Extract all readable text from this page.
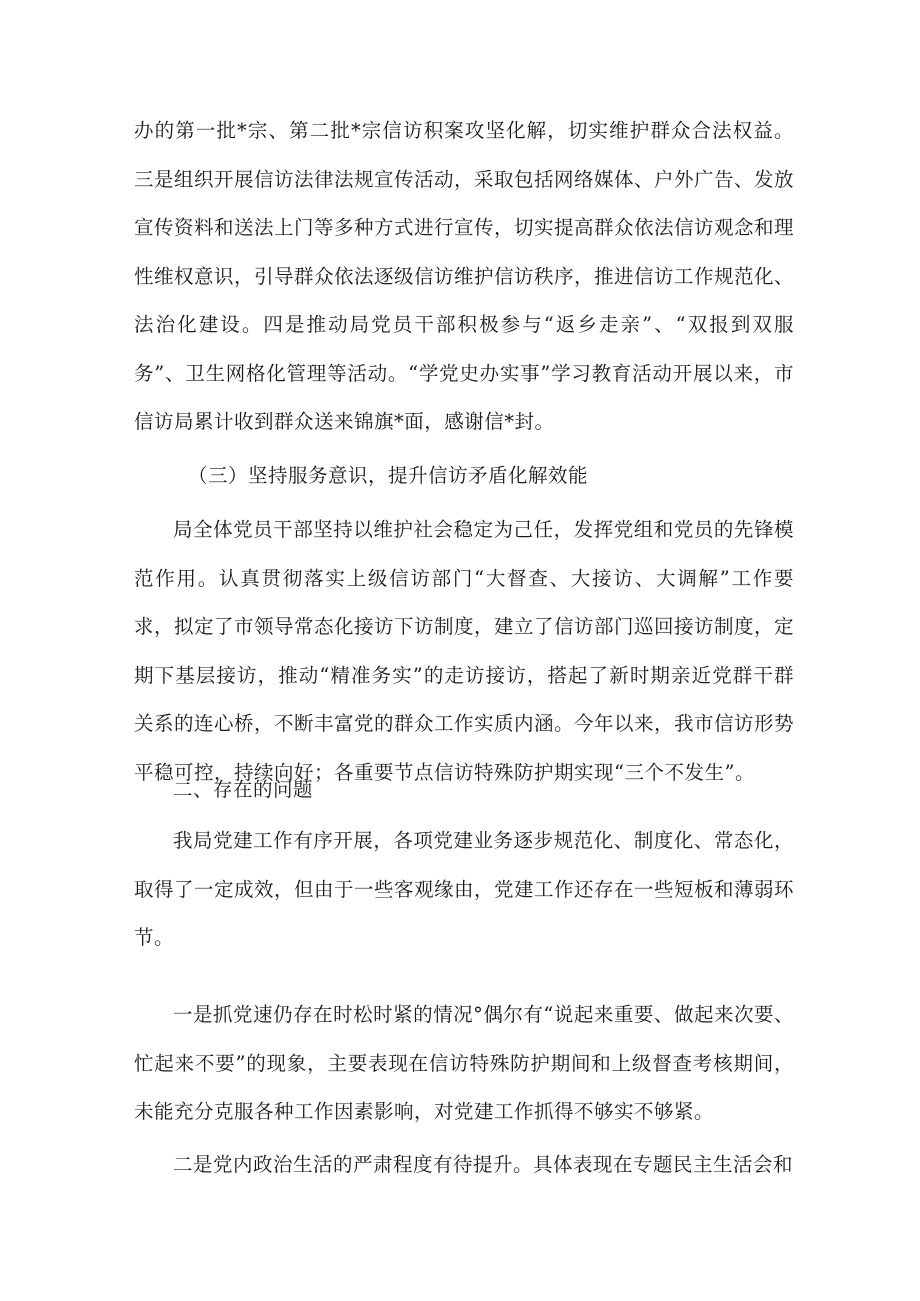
办的第一批*宗、第二批*宗信访积案攻坚化解，切实维护群众合法权益。三是组织开展信访法律法规宣传活动，采取包括网络媒体、户外广告、发放宣传资料和送法上门等多种方式进行宣传，切实提高群众依法信访观念和理性维权意识，引导群众依法逐级信访维护信访秩序，推进信访工作规范化、法治化建设。四是推动局党员干部积极参与“返乡走亲”、“双报到双服务”、卫生网格化管理等活动。“学党史办实事”学习教育活动开展以来，市信访局累计收到群众送来锦旗*面，感谢信*封。

（三）坚持服务意识，提升信访矛盾化解效能

局全体党员干部坚持以维护社会稳定为己任，发挥党组和党员的先锋模范作用。认真贯彻落实上级信访部门“大督查、大接访、大调解”工作要求，拟定了市领导常态化接访下访制度，建立了信访部门巡回接访制度，定期下基层接访，推动“精准务实”的走访接访，搭起了新时期亲近党群干群关系的连心桥，不断丰富党的群众工作实质内涵。今年以来，我市信访形势平稳可控，持续向好；各重要节点信访特殊防护期实现“三个不发生”。

二、存在的问题

我局党建工作有序开展，各项党建业务逐步规范化、制度化、常态化，取得了一定成效，但由于一些客观缘由，党建工作还存在一些短板和薄弱环节。

一是抓党速仍存在时松时紧的情况°偶尔有“说起来重要、做起来次要、忙起来不要”的现象，主要表现在信访特殊防护期间和上级督查考核期间，未能充分克服各种工作因素影响，对党建工作抓得不够实不够紧。

二是党内政治生活的严肃程度有待提升。具体表现在专题民主生活会和
